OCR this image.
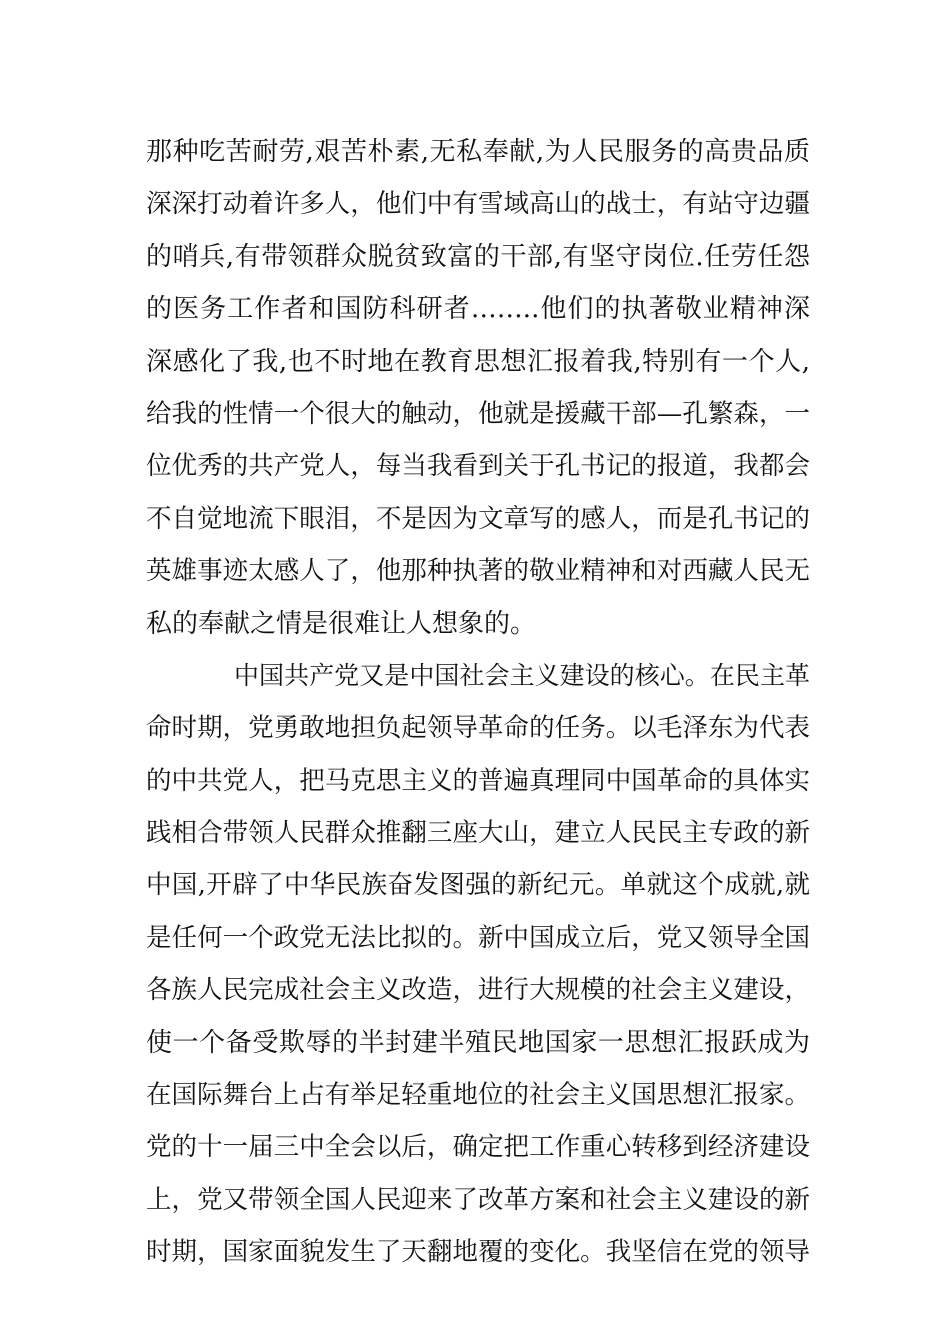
那种吃苦耐劳,艰苦朴素,无私奉献,为人民服务的高贵品质
深深打动着许多人，他们中有雪域高山的战士，有站守边疆
的哨兵,有带领群众脱贫致富的干部,有坚守岗位.任劳任怨
的医务工作者和国防科研者……..他们的执著敬业精神深
深感化了我,也不时地在教育思想汇报着我,特别有一个人,
给我的性情一个很大的触动，他就是援藏干部—孔繁森，一
位优秀的共产党人，每当我看到关于孔书记的报道，我都会
不自觉地流下眼泪，不是因为文章写的感人，而是孔书记的
英雄事迹太感人了，他那种执著的敬业精神和对西藏人民无
私的奉献之情是很难让人想象的。
中国共产党又是中国社会主义建设的核心。在民主革
命时期，党勇敢地担负起领导革命的任务。以毛泽东为代表
的中共党人，把马克思主义的普遍真理同中国革命的具体实
践相合带领人民群众推翻三座大山，建立人民民主专政的新
中国,开辟了中华民族奋发图强的新纪元。单就这个成就,就
是任何一个政党无法比拟的。新中国成立后，党又领导全国
各族人民完成社会主义改造，进行大规模的社会主义建设，
使一个备受欺辱的半封建半殖民地国家一思想汇报跃成为
在国际舞台上占有举足轻重地位的社会主义国思想汇报家。
党的十一届三中全会以后，确定把工作重心转移到经济建设
上，党又带领全国人民迎来了改革方案和社会主义建设的新
时期，国家面貌发生了天翻地覆的变化。我坚信在党的领导
